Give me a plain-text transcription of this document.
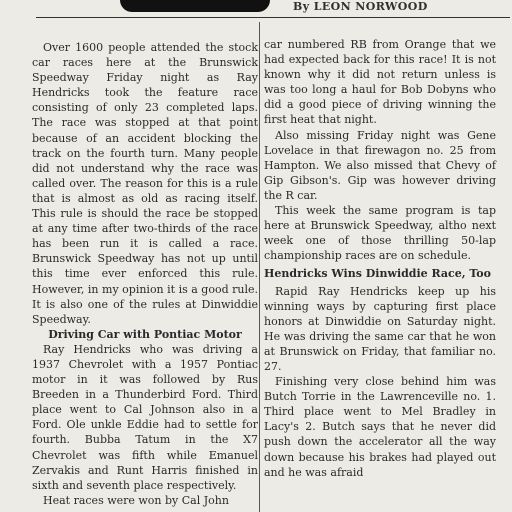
By LEON NORWOOD

Over 1600 people attended the stock car races here at the Brunswick Speedway Friday night as Ray Hendricks took the feature race consisting of only 23 completed laps. The race was stopped at that point because of an accident blocking the track on the fourth turn. Many people did not understand why the race was called over. The reason for this is a rule that is almost as old as racing itself. This rule is should the race be stopped at any time after two-thirds of the race has been run it is called a race. Brunswick Speedway has not up until this time ever enforced this rule. However, in my opinion it is a good rule. It is also one of the rules at Dinwiddie Speedway.

Driving Car with Pontiac Motor

Ray Hendricks who was driving a 1937 Chevrolet with a 1957 Pontiac motor in it was followed by Rus Breeden in a Thunderbird Ford. Third place went to Cal Johnson also in a Ford. Ole unkle Eddie had to settle for fourth. Bubba Tatum in the X7 Chevrolet was fifth while Emanuel Zervakis and Runt Harris finished in sixth and seventh place respectively.

Heat races were won by Cal John

car numbered RB from Orange that we had expected back for this race! It is not known why it did not return unless is was too long a haul for Bob Dobyns who did a good piece of driving winning the first heat that night.

Also missing Friday night was Gene Lovelace in that firewagon no. 25 from Hampton. We also missed that Chevy of Gip Gibson's. Gip was however driving the R car.

This week the same program is tap here at Brunswick Speedway, altho next week one of those thrilling 50-lap championship races are on schedule.

Hendricks Wins Dinwiddie Race, Too

Rapid Ray Hendricks keep up his winning ways by capturing first place honors at Dinwiddie on Saturday night. He was driving the same car that he won at Brunswick on Friday, that familiar no. 27.

Finishing very close behind him was Butch Torrie in the Lawrenceville no. 1. Third place went to Mel Bradley in Lacy's 2. Butch says that he never did push down the accelerator all the way down because his brakes had played out and he was afraid
